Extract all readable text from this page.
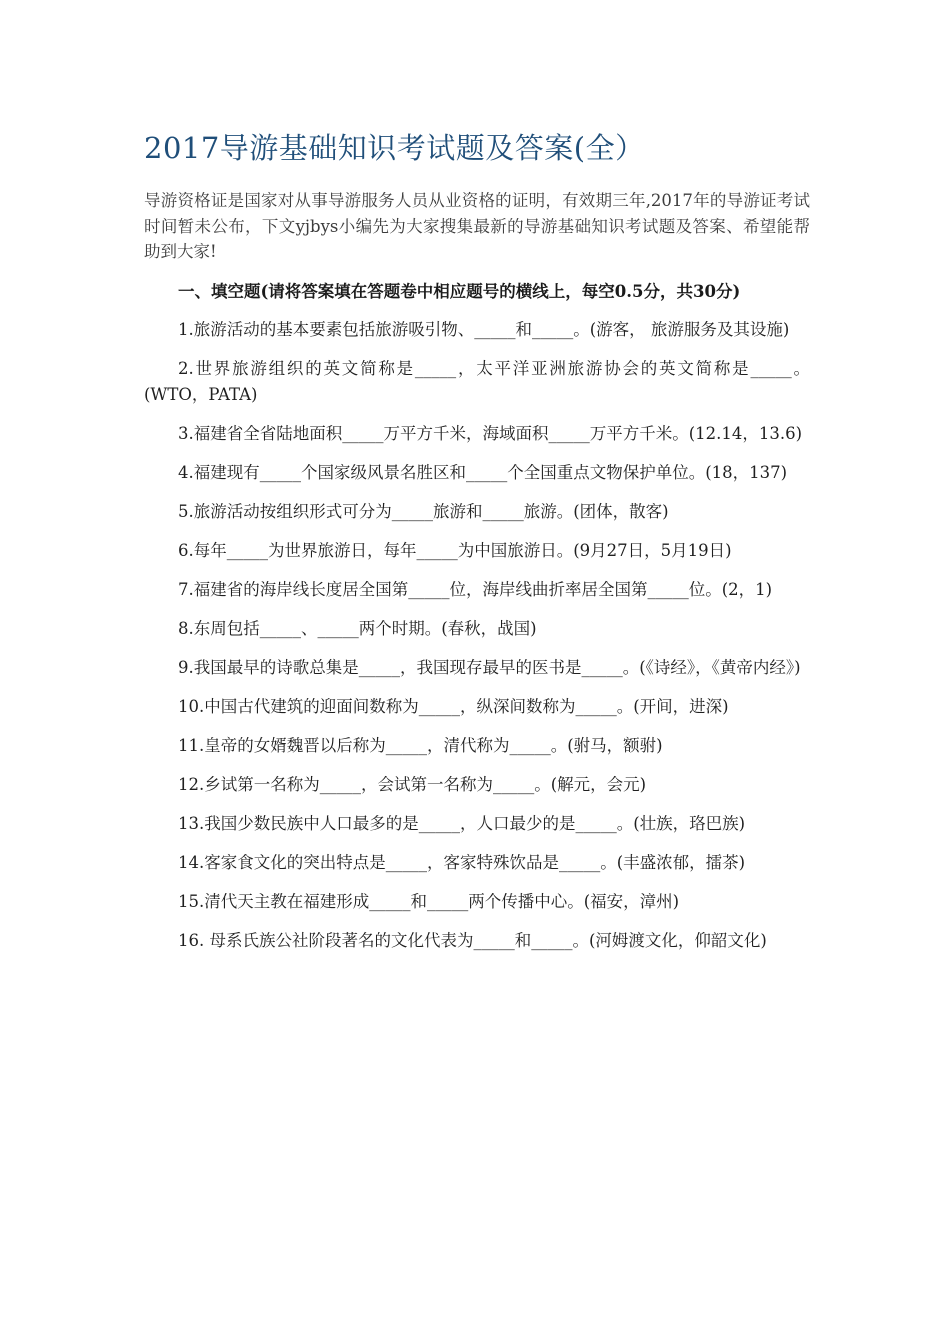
2017导游基础知识考试题及答案(全）

导游资格证是国家对从事导游服务人员从业资格的证明，有效期三年,2017年的导游证考试时间暂未公布，下文yjbys小编先为大家搜集最新的导游基础知识考试题及答案、希望能帮助到大家!

一、填空题(请将答案填在答题卷中相应题号的横线上，每空0.5分，共30分)

1.旅游活动的基本要素包括旅游吸引物、_____和_____。(游客， 旅游服务及其设施)

2.世界旅游组织的英文简称是_____，太平洋亚洲旅游协会的英文简称是_____。(WTO，PATA)

3.福建省全省陆地面积_____万平方千米，海域面积_____万平方千米。(12.14，13.6)

4.福建现有_____个国家级风景名胜区和_____个全国重点文物保护单位。(18，137)

5.旅游活动按组织形式可分为_____旅游和_____旅游。(团体，散客)

6.每年_____为世界旅游日，每年_____为中国旅游日。(9月27日，5月19日)

7.福建省的海岸线长度居全国第_____位，海岸线曲折率居全国第_____位。(2，1)

8.东周包括_____、_____两个时期。(春秋，战国)

9.我国最早的诗歌总集是_____，我国现存最早的医书是_____。(《诗经》，《黄帝内经》)

10.中国古代建筑的迎面间数称为_____，纵深间数称为_____。(开间，进深)

11.皇帝的女婿魏晋以后称为_____，清代称为_____。(驸马，额驸)

12.乡试第一名称为_____，会试第一名称为_____。(解元，会元)

13.我国少数民族中人口最多的是_____，人口最少的是_____。(壮族，珞巴族)

14.客家食文化的突出特点是_____，客家特殊饮品是_____。(丰盛浓郁，擂茶)

15.清代天主教在福建形成_____和_____两个传播中心。(福安，漳州)

16. 母系氏族公社阶段著名的文化代表为_____和_____。(河姆渡文化，仰韶文化)
